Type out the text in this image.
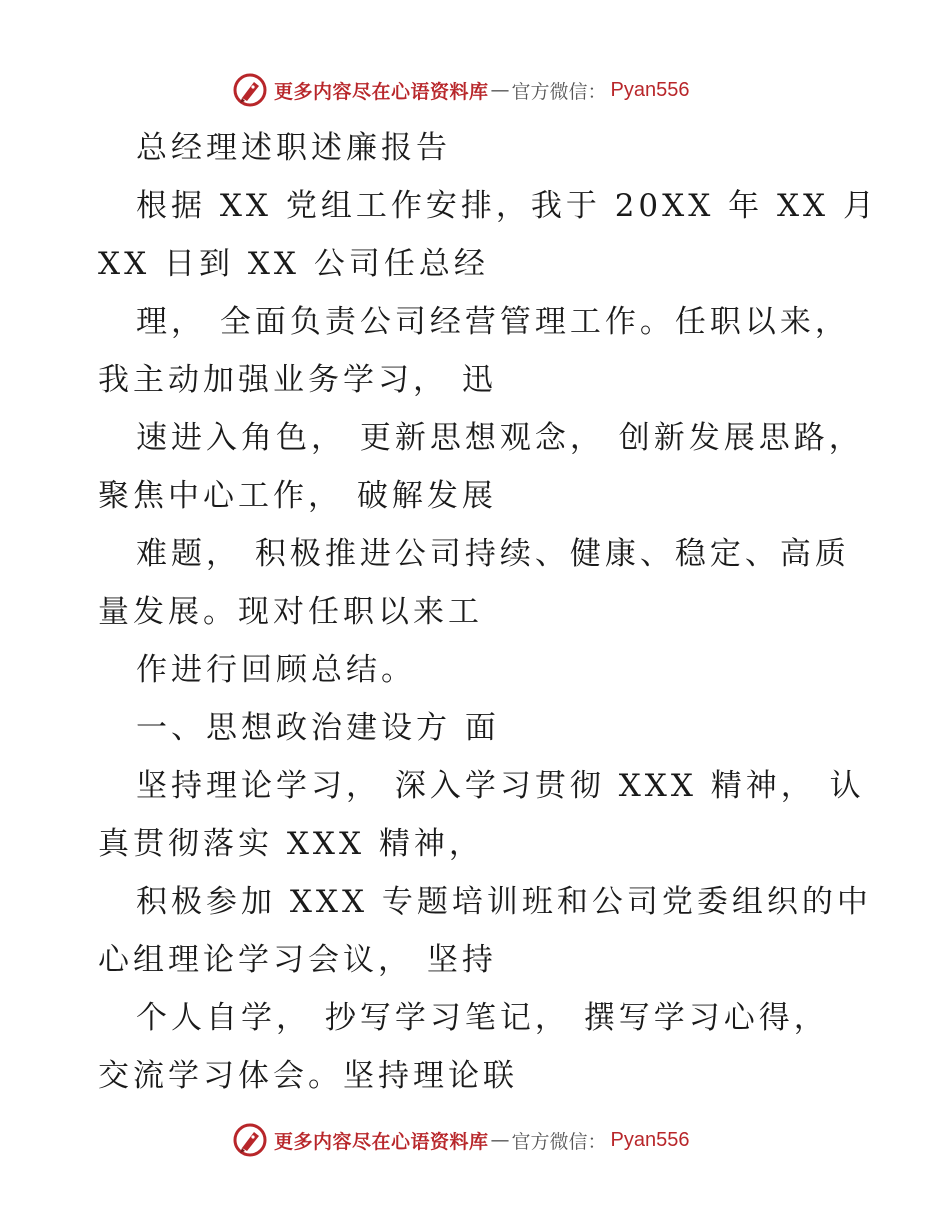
更多内容尽在心语资料库 — 官方微信： Pyan556
总经理述职述廉报告
根据 XX 党组工作安排，我于 20XX 年 XX 月
XX 日到 XX 公司任总经
理， 全面负责公司经营管理工作。任职以来，
我主动加强业务学习， 迅
速进入角色， 更新思想观念， 创新发展思路，
聚焦中心工作， 破解发展
难题， 积极推进公司持续、健康、稳定、高质
量发展。现对任职以来工
作进行回顾总结。
一、思想政治建设方 面
坚持理论学习， 深入学习贯彻 XXX 精神， 认
真贯彻落实 XXX 精神，
积极参加 XXX 专题培训班和公司党委组织的中
心组理论学习会议， 坚持
个人自学， 抄写学习笔记， 撰写学习心得，
交流学习体会。坚持理论联
更多内容尽在心语资料库 — 官方微信： Pyan556
